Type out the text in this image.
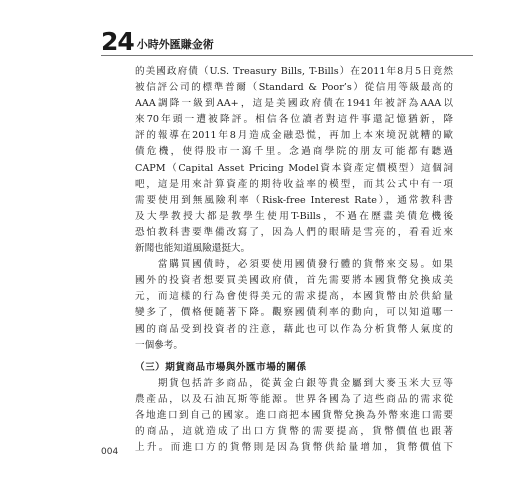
24 小時外匯賺金術
的美國政府債（U.S. Treasury Bills, T-Bills）在2011年8月5日竟然
被信評公司的標準普爾（Standard & Poor’s）從信用等級最高的
AAA調降一級到AA+，這是美國政府債在1941年被評為AAA以
來70年頭一遭被降評。相信各位讀者對這件事還記憶猶新，降
評的報導在2011年8月造成金融恐慌，再加上本來境況就糟的歐
債危機，使得股市一瀉千里。念過商學院的朋友可能都有聽過
CAPM（Capital Asset Pricing Model資本資產定價模型）這個詞
吧，這是用來計算資產的期待收益率的模型，而其公式中有一項
需要使用到無風險利率（Risk-free Interest Rate），通常教科書
及大學教授大都是教學生使用T-Bills，不過在歷盡美債危機後
恐怕教科書要準備改寫了，因為人們的眼睛是雪亮的，看看近來
新聞也能知道風險還挺大。
　　當購買國債時，必須要使用國債發行體的貨幣來交易。如果
國外的投資者想要買美國政府債，首先需要將本國貨幣兌換成美
元，而這樣的行為會使得美元的需求提高，本國貨幣由於供給量
變多了，價格便隨著下降。觀察國債利率的動向，可以知道哪一
國的商品受到投資者的注意，藉此也可以作為分析貨幣人氣度的
一個參考。
（三）期貨商品市場與外匯市場的關係
　　期貨包括許多商品，從黃金白銀等貴金屬到大麥玉米大豆等
農產品，以及石油瓦斯等能源。世界各國為了這些商品的需求從
各地進口到自己的國家。進口商把本國貨幣兌換為外幣來進口需要
的商品，這就造成了出口方貨幣的需要提高，貨幣價值也跟著
上升。而進口方的貨幣則是因為貨幣供給量增加，貨幣價值下
004
